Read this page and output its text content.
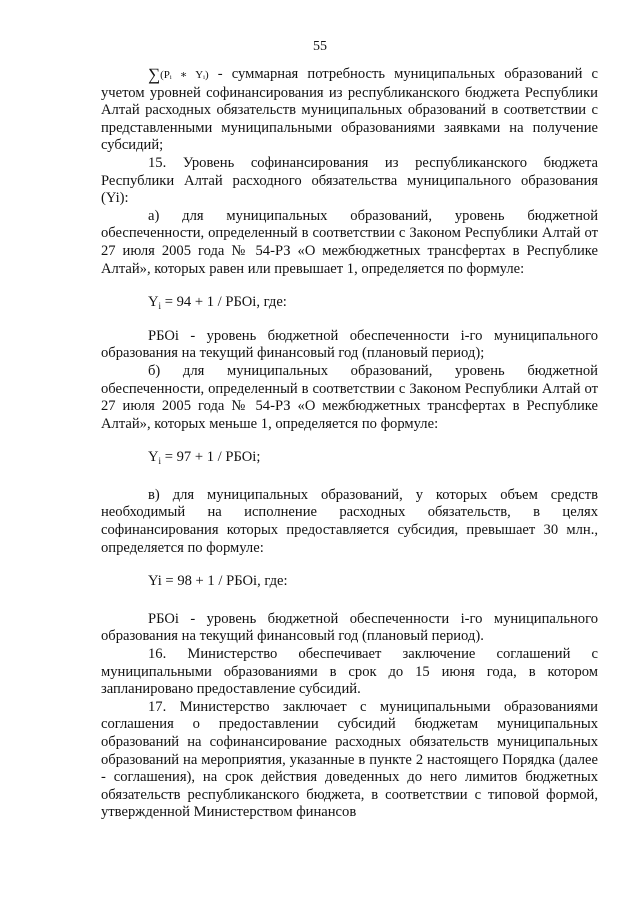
55

∑(Pᵢ ∗ Yᵢ) - суммарная потребность муниципальных образований с учетом уровней софинансирования из республиканского бюджета Республики Алтай расходных обязательств муниципальных образований в соответствии с представленными муниципальными образованиями заявками на получение субсидий;

15. Уровень софинансирования из республиканского бюджета Республики Алтай расходного обязательства муниципального образования (Yi):

а) для муниципальных образований, уровень бюджетной обеспеченности, определенный в соответствии с Законом Республики Алтай от 27 июля 2005 года № 54-РЗ «О межбюджетных трансфертах в Республике Алтай», которых равен или превышает 1, определяется по формуле:

$Y_i = 94 + 1$ / РБОi, где:

РБОi - уровень бюджетной обеспеченности i-го муниципального образования на текущий финансовый год (плановый период);

б) для муниципальных образований, уровень бюджетной обеспеченности, определенный в соответствии с Законом Республики Алтай от 27 июля 2005 года № 54-РЗ «О межбюджетных трансфертах в Республике Алтай», которых меньше 1, определяется по формуле:

$Y_i = 97 + 1$ / РБОi;

в) для муниципальных образований, у которых объем средств необходимый на исполнение расходных обязательств, в целях софинансирования которых предоставляется субсидия, превышает 30 млн., определяется по формуле:

Yi = 98 + 1 / РБОi, где:

РБОi - уровень бюджетной обеспеченности i-го муниципального образования на текущий финансовый год (плановый период).

16. Министерство обеспечивает заключение соглашений с муниципальными образованиями в срок до 15 июня года, в котором запланировано предоставление субсидий.

17. Министерство заключает с муниципальными образованиями соглашения о предоставлении субсидий бюджетам муниципальных образований на софинансирование расходных обязательств муниципальных образований на мероприятия, указанные в пункте 2 настоящего Порядка (далее - соглашения), на срок действия доведенных до него лимитов бюджетных обязательств республиканского бюджета, в соответствии с типовой формой, утвержденной Министерством финансов
